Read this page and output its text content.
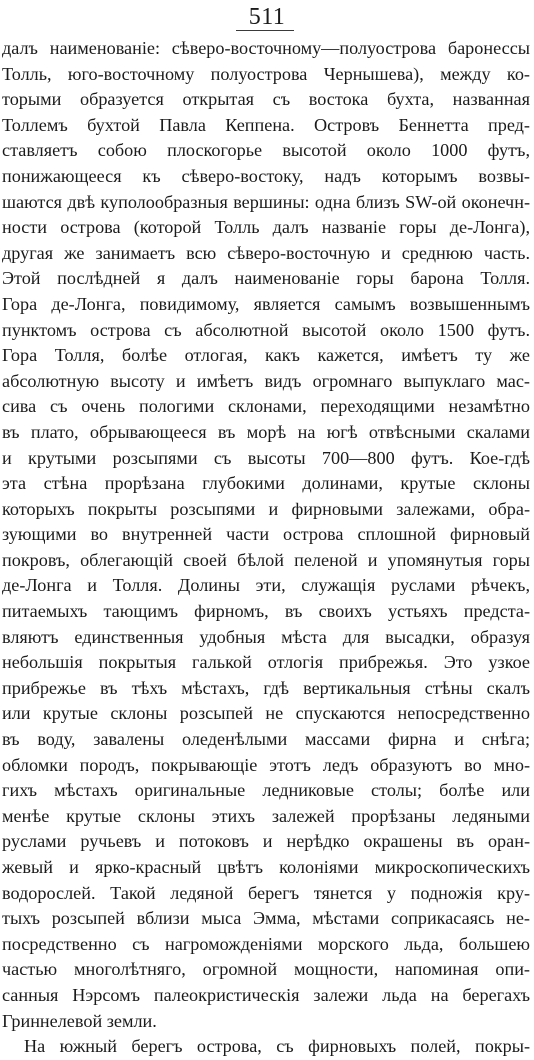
511
далъ наименованіе: сѣверо-восточному—полуострова баронессы
Толль, юго-восточному полуострова Чернышева), между ко-
торыми образуется открытая съ востока бухта, названная
Толлемъ бухтой Павла Кеппена. Островъ Беннетта пред-
ставляетъ собою плоскогорье высотой около 1000 футъ,
понижающееся къ сѣверо-востоку, надъ которымъ возвы-
шаются двѣ куполообразныя вершины: одна близъ SW-ой оконечн-
ности острова (которой Толль далъ названіе горы де-Лонга),
другая же занимаетъ всю сѣверо-восточную и среднюю часть.
Этой послѣдней я далъ наименованіе горы барона Толля.
Гора де-Лонга, повидимому, является самымъ возвышеннымъ
пунктомъ острова съ абсолютной высотой около 1500 футъ.
Гора Толля, болѣе отлогая, какъ кажется, имѣетъ ту же
абсолютную высоту и имѣетъ видъ огромнаго выпуклаго мас-
сива съ очень пологими склонами, переходящими незамѣтно
въ плато, обрывающееся въ морѣ на югѣ отвѣсными скалами
и крутыми розсыпями съ высоты 700—800 футъ. Кое-гдѣ
эта стѣна прорѣзана глубокими долинами, крутые склоны
которыхъ покрыты розсыпями и фирновыми залежами, обра-
зующими во внутренней части острова сплошной фирновый
покровъ, облегающій своей бѣлой пеленой и упомянутыя горы
де-Лонга и Толля. Долины эти, служащія руслами рѣчекъ,
питаемыхъ тающимъ фирномъ, въ своихъ устьяхъ предста-
вляютъ единственныя удобныя мѣста для высадки, образуя
небольшія покрытыя галькой отлогія прибрежья. Это узкое
прибрежье въ тѣхъ мѣстахъ, гдѣ вертикальныя стѣны скалъ
или крутые склоны розсыпей не спускаются непосредственно
въ воду, завалены оледенѣлыми массами фирна и снѣга;
обломки породъ, покрывающіе этотъ ледъ образуютъ во мно-
гихъ мѣстахъ оригинальные ледниковые столы; болѣе или
менѣе крутые склоны этихъ залежей прорѣзаны ледяными
руслами ручьевъ и потоковъ и нерѣдко окрашены въ оран-
жевый и ярко-красный цвѣтъ колоніями микроскопическихъ
водорослей. Такой ледяной берегъ тянется у подножія кру-
тыхъ розсыпей вблизи мыса Эмма, мѣстами соприкасаясь не-
посредственно съ нагроможденіями морского льда, большею
частью многолѣтняго, огромной мощности, напоминая опи-
санныя Нэрсомъ палеокристическія залежи льда на берегахъ
Гриннелевой земли.
На южный берегъ острова, съ фирновыхъ полей, покры-
